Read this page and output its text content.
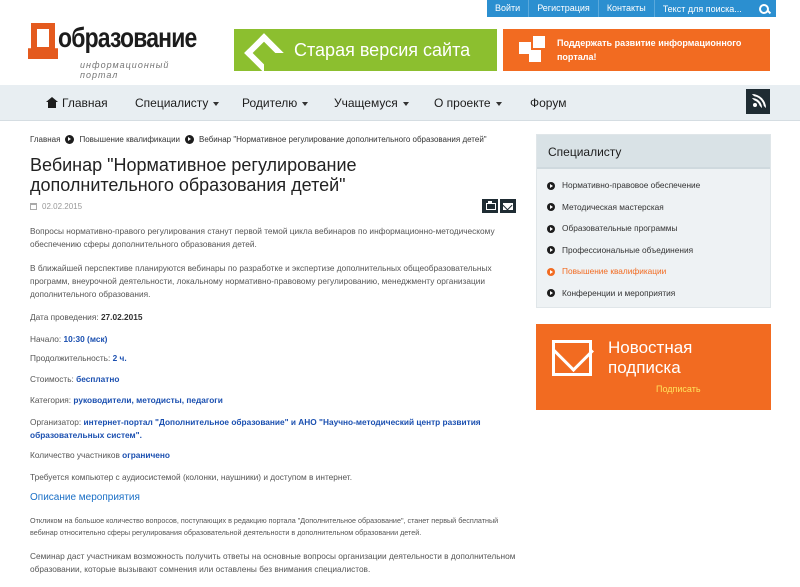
Войти	Регистрация	Контакты
Текст для поиска...
образование
информационный портал
Старая версия сайта	Поддержать развитие информационного портала!
Главная Специалисту	Родителю	Учащемуся	О проекте	Форум
Главная Повышение квалификации Вебинар "Нормативное регулирование дополнительного образования детей"
Вебинар "Нормативное регулирование дополнительного образования детей"
02.02.2015

Вопросы нормативно-правого регулирования станут первой темой цикла вебинаров по информационно-методическому обеспечению сферы дополнительного образования детей.

В ближайшей перспективе планируются вебинары по разработке и экспертизе дополнительных общеобразовательных программ, внеурочной деятельности, локальному нормативно-правовому регулированию, менеджменту организации дополнительного образования.

Дата проведения: 27.02.2015
Начало: 10:30 (мск)
Продолжительность: 2 ч.
Стоимость: бесплатно
Категория: руководители, методисты, педагоги
Организатор: интернет-портал "Дополнительное образование" и АНО "Научно-методический центр развития образовательных систем".
Количество участников ограничено
Требуется компьютер с аудиосистемой (колонки, наушники) и доступом в интернет.
Описание мероприятия

Откликом на большое количество вопросов, поступающих в редакцию портала "Дополнительное образование", станет первый бесплатный вебинар относительно сферы регулирования образовательной деятельности в дополнительном образовании детей.

Семинар даст участникам возможность получить ответы на основные вопросы организации деятельности в дополнительном образовании, которые вызывают сомнения или оставлены без внимания специалистов.

Специалисту
Нормативно-правовое обеспечение
Методическая мастерская
Образовательные программы
Профессиональные объединения
Повышение квалификации
Конференции и мероприятия
Новостная подписка
Подписать
